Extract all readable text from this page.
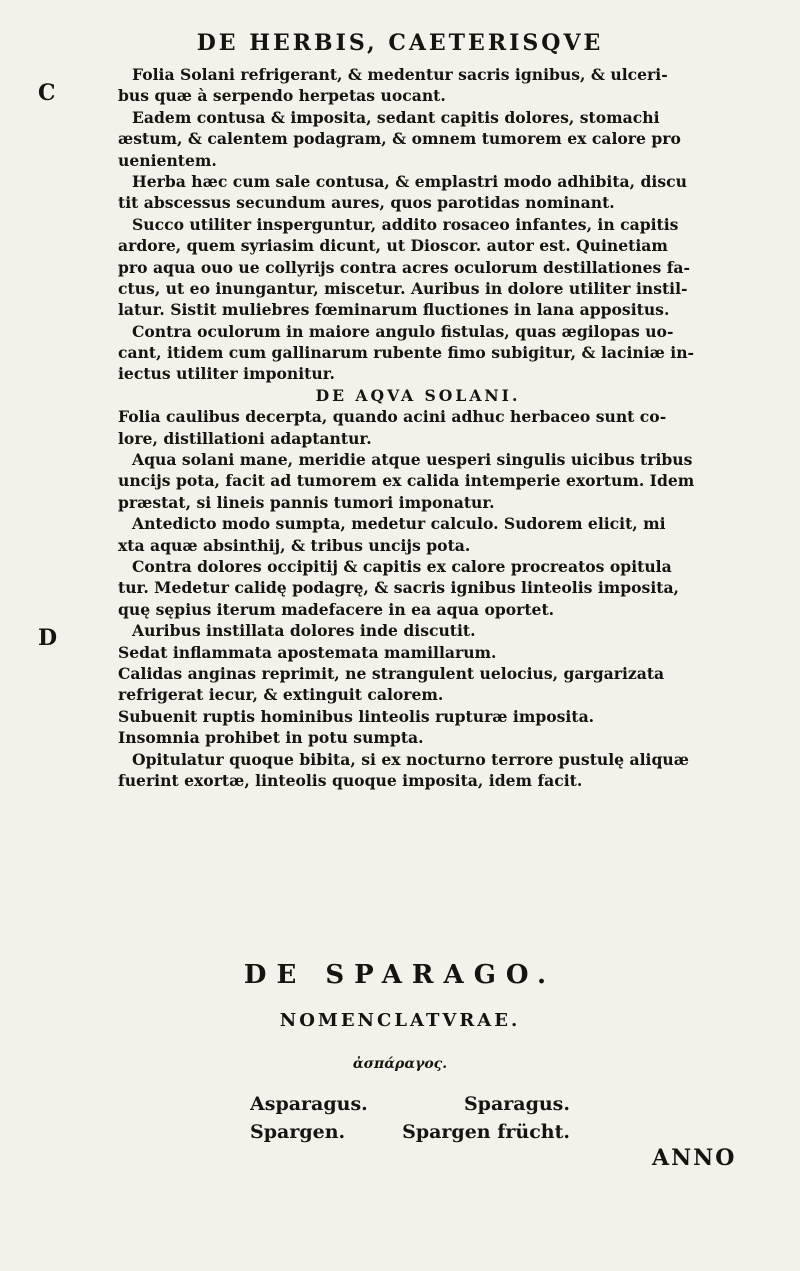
DE HERBIS, CAETERISQVE
C
D
Folia Solani refrigerant, & medentur sacris ignibus, & ulceri-
bus quæ à serpendo herpetas uocant.
Eadem contusa & imposita, sedant capitis dolores, stomachi
æstum, & calentem podagram, & omnem tumorem ex calore pro
uenientem.
Herba hæc cum sale contusa, & emplastri modo adhibita, discu
tit abscessus secundum aures, quos parotidas nominant.
Succo utiliter insperguntur, addito rosaceo infantes, in capitis
ardore, quem syriasim dicunt, ut Dioscor. autor est. Quinetiam
pro aqua ouo ue collyrijs contra acres oculorum destillationes fa-
ctus, ut eo inungantur, miscetur. Auribus in dolore utiliter instil-
latur. Sistit muliebres fœminarum fluctiones in lana appositus.
Contra oculorum in maiore angulo fistulas, quas ægilopas uo-
cant, itidem cum gallinarum rubente fimo subigitur, & laciniæ in-
iectus utiliter imponitur.
DE AQVA SOLANI.
Folia caulibus decerpta, quando acini adhuc herbaceo sunt co-
lore, distillationi adaptantur.
Aqua solani mane, meridie atque uesperi singulis uicibus tribus
uncijs pota, facit ad tumorem ex calida intemperie exortum. Idem
præstat, si lineis pannis tumori imponatur.
Antedicto modo sumpta, medetur calculo. Sudorem elicit, mi
xta aquæ absinthij, & tribus uncijs pota.
Contra dolores occipitij & capitis ex calore procreatos opitula
tur. Medetur calidę podagrę, & sacris ignibus linteolis imposita,
quę sępius iterum madefacere in ea aqua oportet.
Auribus instillata dolores inde discutit.
Sedat inflammata apostemata mamillarum.
Calidas anginas reprimit, ne strangulent uelocius, gargarizata
refrigerat iecur, & extinguit calorem.
Subuenit ruptis hominibus linteolis rupturæ imposita.
Insomnia prohibet in potu sumpta.
Opitulatur quoque bibita, si ex nocturno terrore pustulę aliquæ
fuerint exortæ, linteolis quoque imposita, idem facit.
DE SPARAGO.
NOMENCLATVRAE.
ἀσπάραγος.
Asparagus.	Sparagus.
Spargen.	Spargen frücht.
ANNO
